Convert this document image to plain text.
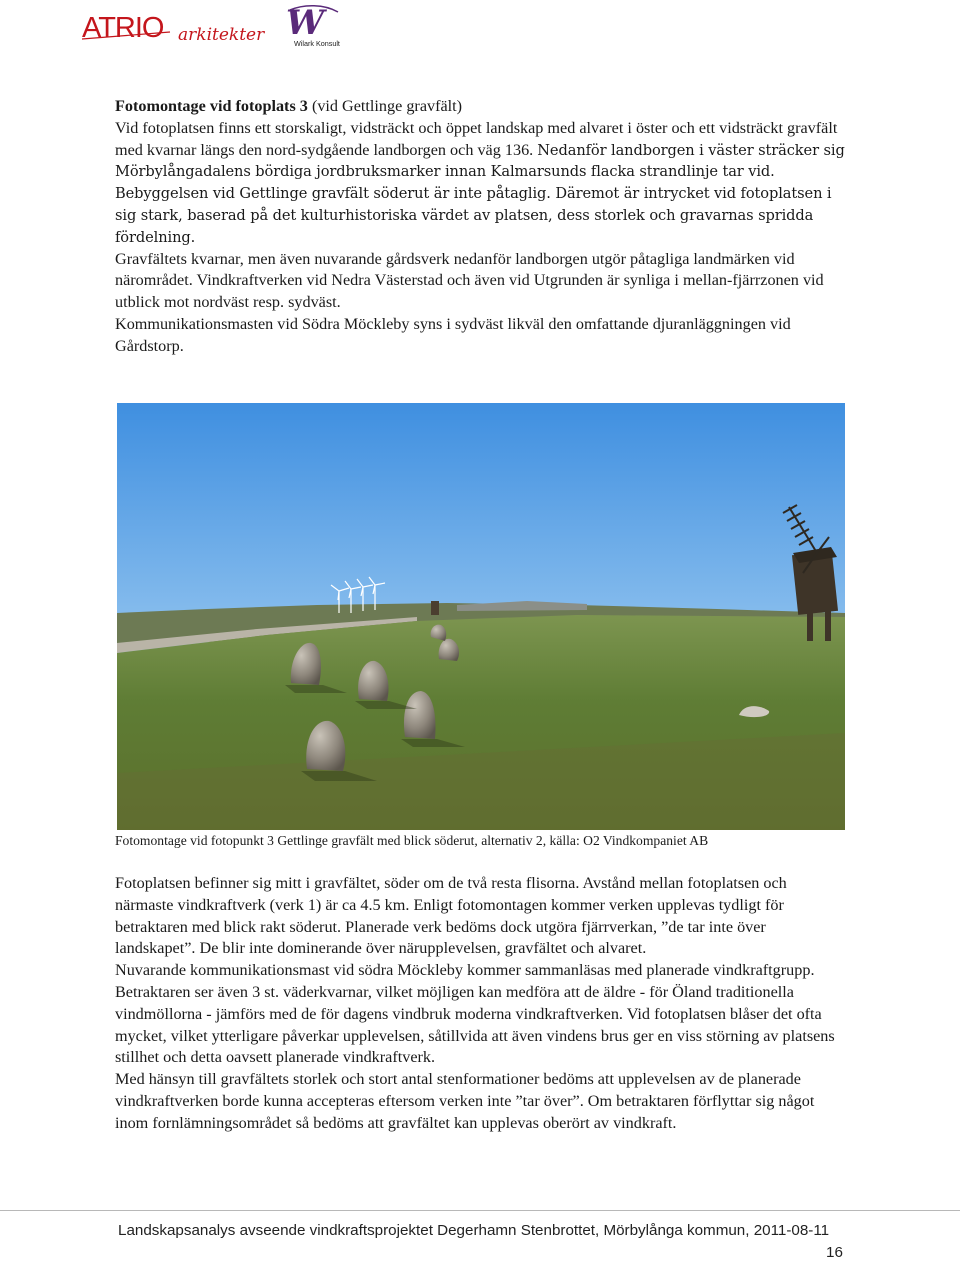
ATRIO arkitekter W
Wilark Konsult

Fotomontage vid fotoplats 3 (vid Gettlinge gravfält)

Vid fotoplatsen finns ett storskaligt, vidsträckt och öppet landskap med alvaret i öster och ett vidsträckt gravfält med kvarnar längs den nord-sydgående landborgen och väg 136. Nedanför landborgen i väster sträcker sig Mörbylångadalens bördiga jordbruksmarker innan Kalmarsunds flacka strandlinje tar vid.

Bebyggelsen vid Gettlinge gravfält söderut är inte påtaglig. Däremot är intrycket vid fotoplatsen i sig stark, baserad på det kulturhistoriska värdet av platsen, dess storlek och gravarnas spridda fördelning.

Gravfältets kvarnar, men även nuvarande gårdsverk nedanför landborgen utgör påtagliga landmärken vid närområdet. Vindkraftverken vid Nedra Västerstad och även vid Utgrunden är synliga i mellan-fjärrzonen vid utblick mot nordväst resp. sydväst.

Kommunikationsmasten vid Södra Möckleby syns i sydväst likväl den omfattande djuranläggningen vid Gårdstorp.

Fotomontage vid fotopunkt 3 Gettlinge gravfält med blick söderut, alternativ 2, källa: O2 Vindkompaniet AB

Fotoplatsen befinner sig mitt i gravfältet, söder om de två resta flisorna. Avstånd mellan fotoplatsen och närmaste vindkraftverk (verk 1) är ca 4.5 km. Enligt fotomontagen kommer verken upplevas tydligt för betraktaren med blick rakt söderut. Planerade verk bedöms dock utgöra fjärrverkan, ”de tar inte över landskapet”. De blir inte dominerande över närupplevelsen, gravfältet och alvaret.

Nuvarande kommunikationsmast vid södra Möckleby kommer sammanläsas med planerade vindkraftgrupp.

Betraktaren ser även 3 st. väderkvarnar, vilket möjligen kan medföra att de äldre - för Öland traditionella vindmöllorna - jämförs med de för dagens vindbruk moderna vindkraftverken. Vid fotoplatsen blåser det ofta mycket, vilket ytterligare påverkar upplevelsen, såtillvida att även vindens brus ger en viss störning av platsens stillhet och detta oavsett planerade vindkraftverk.

Med hänsyn till gravfältets storlek och stort antal stenformationer bedöms att upplevelsen av de planerade vindkraftverken borde kunna accepteras eftersom verken inte ”tar över”. Om betraktaren förflyttar sig något inom fornlämningsområdet så bedöms att gravfältet kan upplevas oberört av vindkraft.

Landskapsanalys avseende vindkraftsprojektet Degerhamn Stenbrottet, Mörbylånga kommun, 2011-08-11
16
